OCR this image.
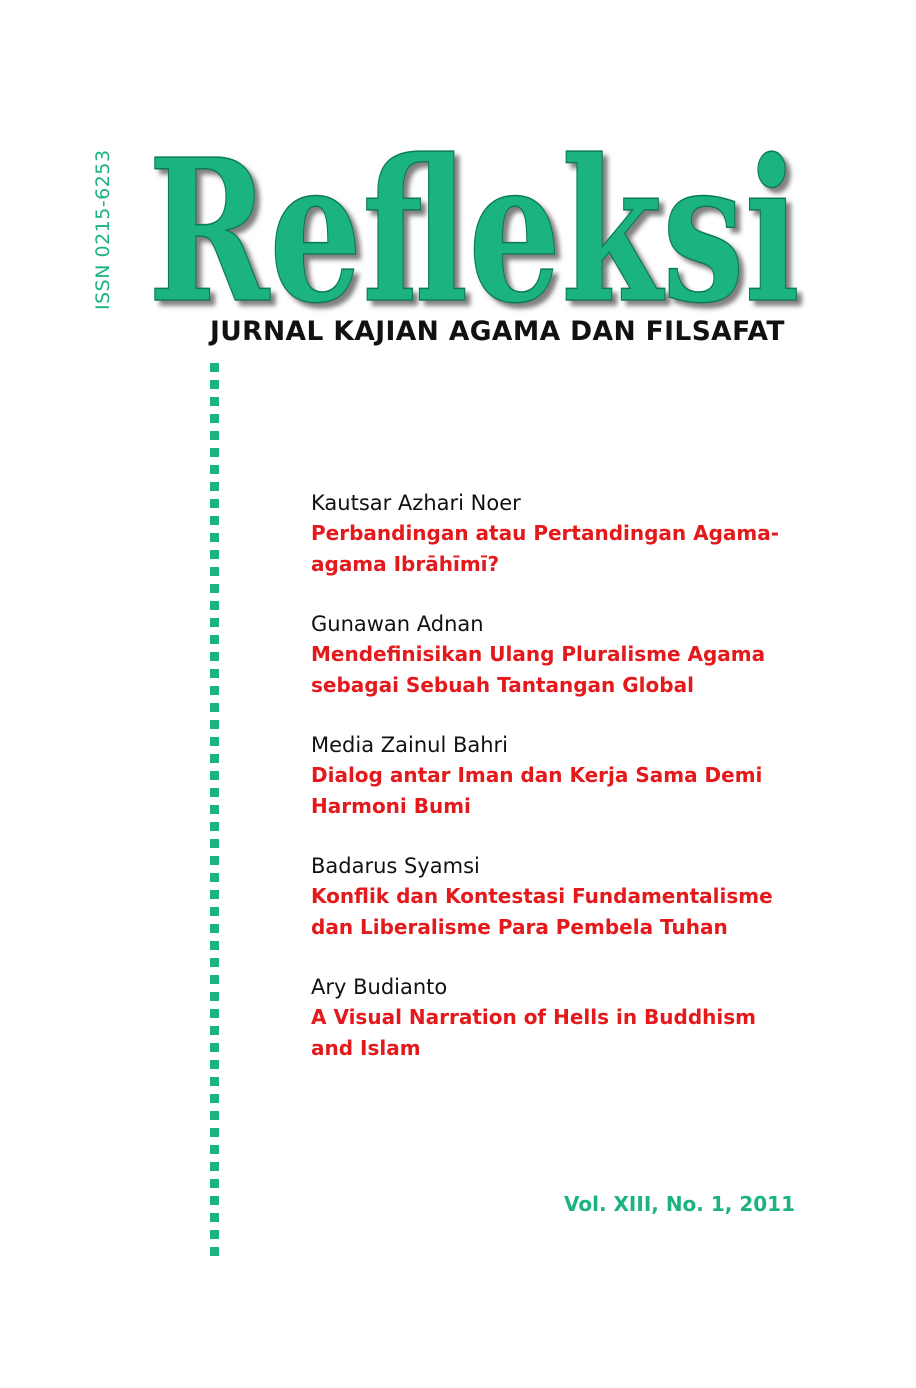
ISSN 0215-6253 Refleksi
JURNAL KAJIAN AGAMA DAN FILSAFAT
Kautsar Azhari Noer
Perbandingan atau Pertandingan Agama-agama Ibrāhīmī?
Gunawan Adnan
Mendefinisikan Ulang Pluralisme Agama sebagai Sebuah Tantangan Global
Media Zainul Bahri
Dialog antar Iman dan Kerja Sama Demi Harmoni Bumi
Badarus Syamsi
Konflik dan Kontestasi Fundamentalisme dan Liberalisme Para Pembela Tuhan
Ary Budianto
A Visual Narration of Hells in Buddhism and Islam
Vol. XIII, No. 1, 2011
